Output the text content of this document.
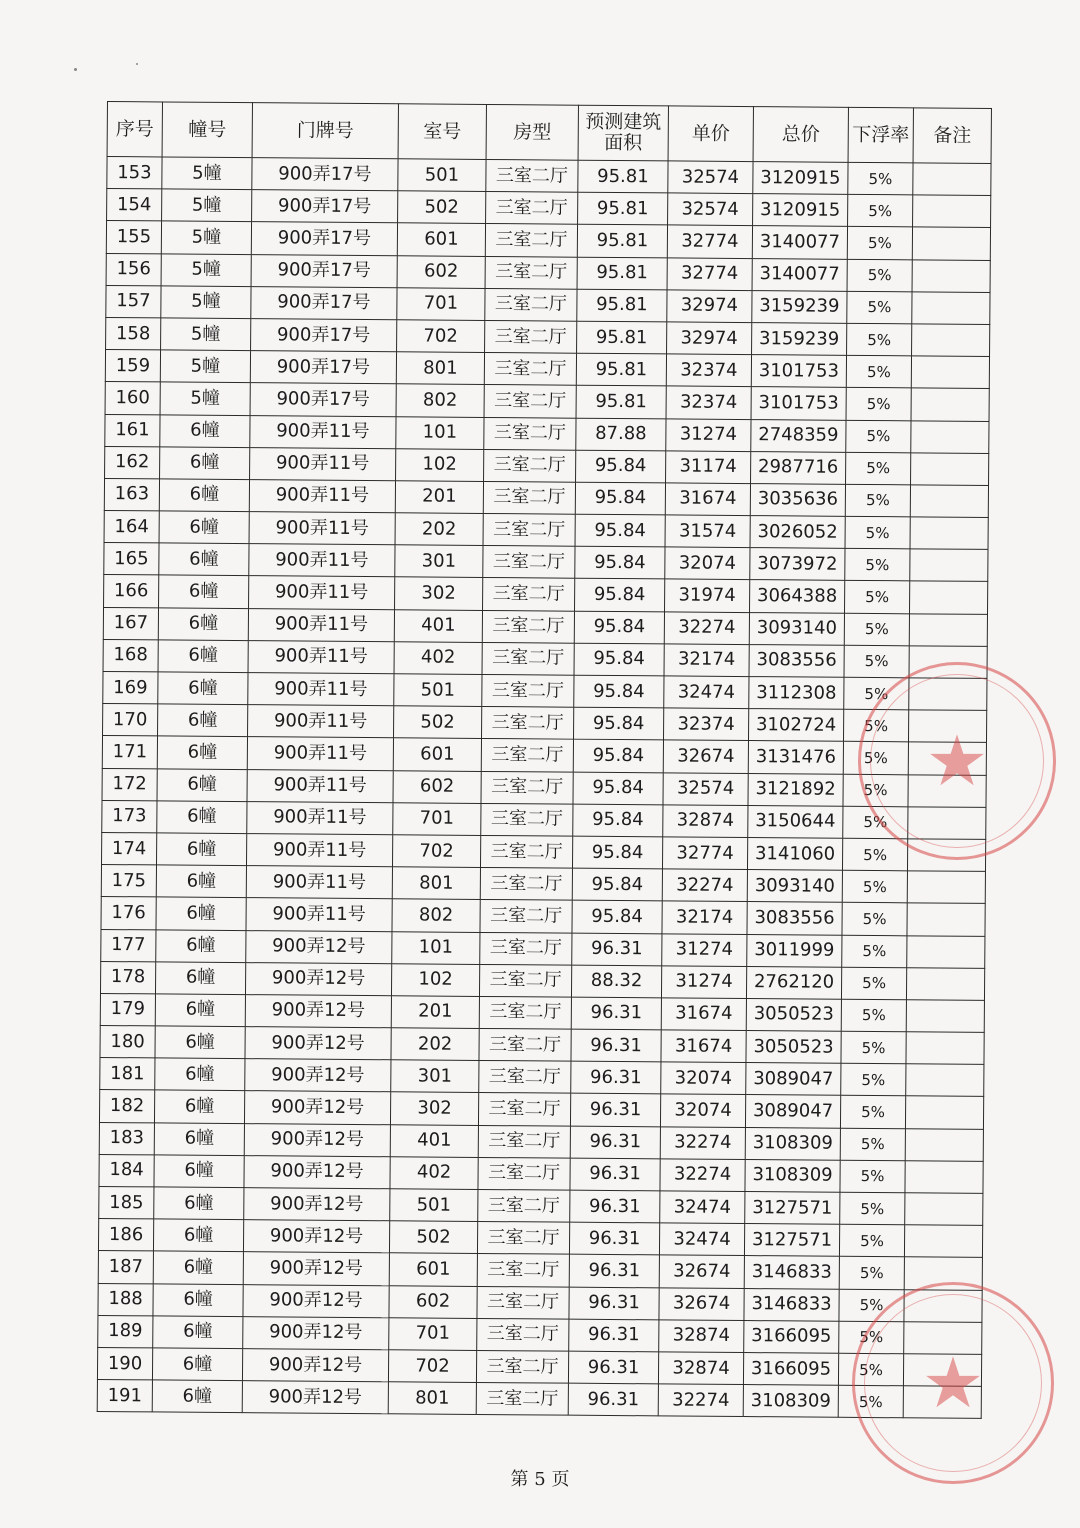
序号	幢号	门牌号	室号	房型	预测建筑面积	单价	总价	下浮率	备注
153	5幢	900弄17号	501	三室二厅	95.81	32574	3120915	5%	
154	5幢	900弄17号	502	三室二厅	95.81	32574	3120915	5%	
155	5幢	900弄17号	601	三室二厅	95.81	32774	3140077	5%	
156	5幢	900弄17号	602	三室二厅	95.81	32774	3140077	5%	
157	5幢	900弄17号	701	三室二厅	95.81	32974	3159239	5%	
158	5幢	900弄17号	702	三室二厅	95.81	32974	3159239	5%	
159	5幢	900弄17号	801	三室二厅	95.81	32374	3101753	5%	
160	5幢	900弄17号	802	三室二厅	95.81	32374	3101753	5%	
161	6幢	900弄11号	101	三室二厅	87.88	31274	2748359	5%	
162	6幢	900弄11号	102	三室二厅	95.84	31174	2987716	5%	
163	6幢	900弄11号	201	三室二厅	95.84	31674	3035636	5%	
164	6幢	900弄11号	202	三室二厅	95.84	31574	3026052	5%	
165	6幢	900弄11号	301	三室二厅	95.84	32074	3073972	5%	
166	6幢	900弄11号	302	三室二厅	95.84	31974	3064388	5%	
167	6幢	900弄11号	401	三室二厅	95.84	32274	3093140	5%	
168	6幢	900弄11号	402	三室二厅	95.84	32174	3083556	5%	
169	6幢	900弄11号	501	三室二厅	95.84	32474	3112308	5%	
170	6幢	900弄11号	502	三室二厅	95.84	32374	3102724	5%	
171	6幢	900弄11号	601	三室二厅	95.84	32674	3131476	5%	
172	6幢	900弄11号	602	三室二厅	95.84	32574	3121892	5%	
173	6幢	900弄11号	701	三室二厅	95.84	32874	3150644	5%	
174	6幢	900弄11号	702	三室二厅	95.84	32774	3141060	5%	
175	6幢	900弄11号	801	三室二厅	95.84	32274	3093140	5%	
176	6幢	900弄11号	802	三室二厅	95.84	32174	3083556	5%	
177	6幢	900弄12号	101	三室二厅	96.31	31274	3011999	5%	
178	6幢	900弄12号	102	三室二厅	88.32	31274	2762120	5%	
179	6幢	900弄12号	201	三室二厅	96.31	31674	3050523	5%	
180	6幢	900弄12号	202	三室二厅	96.31	31674	3050523	5%	
181	6幢	900弄12号	301	三室二厅	96.31	32074	3089047	5%	
182	6幢	900弄12号	302	三室二厅	96.31	32074	3089047	5%	
183	6幢	900弄12号	401	三室二厅	96.31	32274	3108309	5%	
184	6幢	900弄12号	402	三室二厅	96.31	32274	3108309	5%	
185	6幢	900弄12号	501	三室二厅	96.31	32474	3127571	5%	
186	6幢	900弄12号	502	三室二厅	96.31	32474	3127571	5%	
187	6幢	900弄12号	601	三室二厅	96.31	32674	3146833	5%	
188	6幢	900弄12号	602	三室二厅	96.31	32674	3146833	5%	
189	6幢	900弄12号	701	三室二厅	96.31	32874	3166095	5%	
190	6幢	900弄12号	702	三室二厅	96.31	32874	3166095	5%	
191	6幢	900弄12号	801	三室二厅	96.31	32274	3108309	5%	
★
★
第 5 页
